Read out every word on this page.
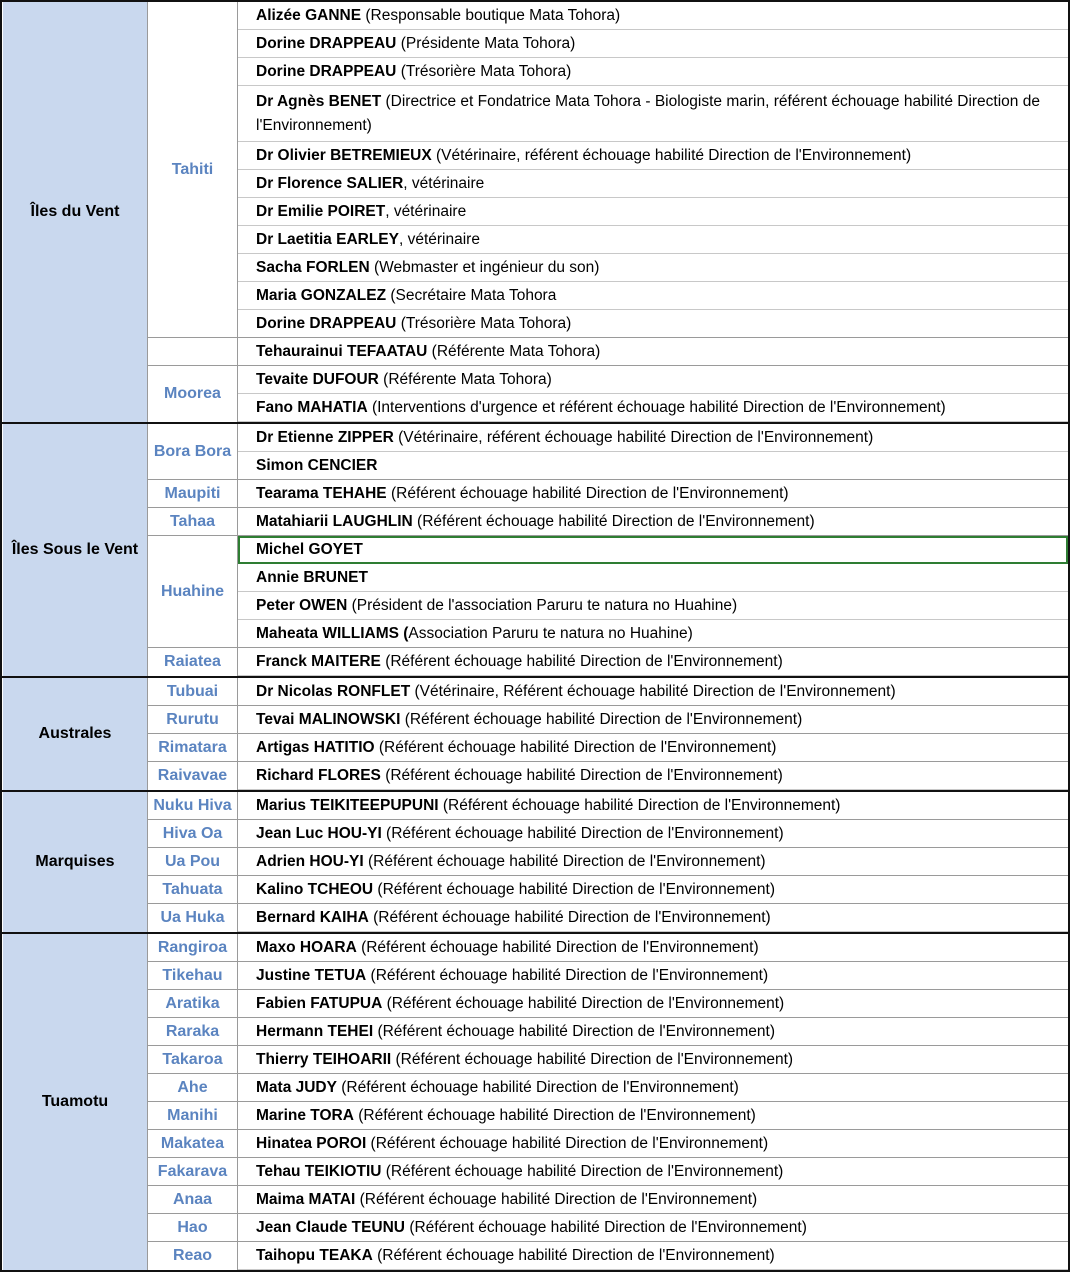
Alizée GANNE (Responsable boutique Mata Tohora)
Dorine DRAPPEAU (Présidente Mata Tohora)
Dorine DRAPPEAU (Trésorière Mata Tohora)
Dr Agnès BENET (Directrice et Fondatrice Mata Tohora - Biologiste marin, référent échouage habilité Direction de l'Environnement)
Dr Olivier BETREMIEUX (Vétérinaire, référent échouage habilité Direction de l'Environnement)
Dr Florence SALIER, vétérinaire
Dr Emilie POIRET, vétérinaire
Dr Laetitia EARLEY, vétérinaire
Sacha FORLEN (Webmaster et ingénieur du son)
Maria GONZALEZ (Secrétaire Mata Tohora
Dorine DRAPPEAU (Trésorière Mata Tohora)
Tahiti
Tehaurainui TEFAATAU (Référente Mata Tohora)
Tevaite DUFOUR (Référente Mata Tohora)
Fano MAHATIA (Interventions d'urgence et référent échouage habilité Direction de l'Environnement)
Moorea
Îles du Vent
Dr Etienne ZIPPER (Vétérinaire, référent échouage habilité Direction de l'Environnement)
Simon CENCIER
Bora Bora
Tearama TEHAHE (Référent échouage habilité Direction de l'Environnement)
Maupiti
Matahiarii LAUGHLIN (Référent échouage habilité Direction de l'Environnement)
Tahaa
Michel GOYET
Annie BRUNET
Peter OWEN (Président de l'association Paruru te natura no Huahine)
Maheata WILLIAMS (Association Paruru te natura no Huahine)
Huahine
Franck MAITERE (Référent échouage habilité Direction de l'Environnement)
Raiatea
Îles Sous le Vent
Dr Nicolas RONFLET (Vétérinaire, Référent échouage habilité Direction de l'Environnement)
Tubuai
Tevai MALINOWSKI (Référent échouage habilité Direction de l'Environnement)
Rurutu
Artigas HATITIO (Référent échouage habilité Direction de l'Environnement)
Rimatara
Richard FLORES (Référent échouage habilité Direction de l'Environnement)
Raivavae
Australes
Marius TEIKITEEPUPUNI (Référent échouage habilité Direction de l'Environnement)
Nuku Hiva
Jean Luc HOU-YI (Référent échouage habilité Direction de l'Environnement)
Hiva Oa
Adrien HOU-YI (Référent échouage habilité Direction de l'Environnement)
Ua Pou
Kalino TCHEOU (Référent échouage habilité Direction de l'Environnement)
Tahuata
Bernard KAIHA (Référent échouage habilité Direction de l'Environnement)
Ua Huka
Marquises
Maxo HOARA (Référent échouage habilité Direction de l'Environnement)
Rangiroa
Justine TETUA (Référent échouage habilité Direction de l'Environnement)
Tikehau
Fabien FATUPUA (Référent échouage habilité Direction de l'Environnement)
Aratika
Hermann TEHEI (Référent échouage habilité Direction de l'Environnement)
Raraka
Thierry TEIHOARII (Référent échouage habilité Direction de l'Environnement)
Takaroa
Mata JUDY (Référent échouage habilité Direction de l'Environnement)
Ahe
Marine TORA (Référent échouage habilité Direction de l'Environnement)
Manihi
Hinatea POROI (Référent échouage habilité Direction de l'Environnement)
Makatea
Tehau TEIKIOTIU (Référent échouage habilité Direction de l'Environnement)
Fakarava
Maima MATAI (Référent échouage habilité Direction de l'Environnement)
Anaa
Jean Claude TEUNU (Référent échouage habilité Direction de l'Environnement)
Hao
Taihopu TEAKA (Référent échouage habilité Direction de l'Environnement)
Reao
Tuamotu
